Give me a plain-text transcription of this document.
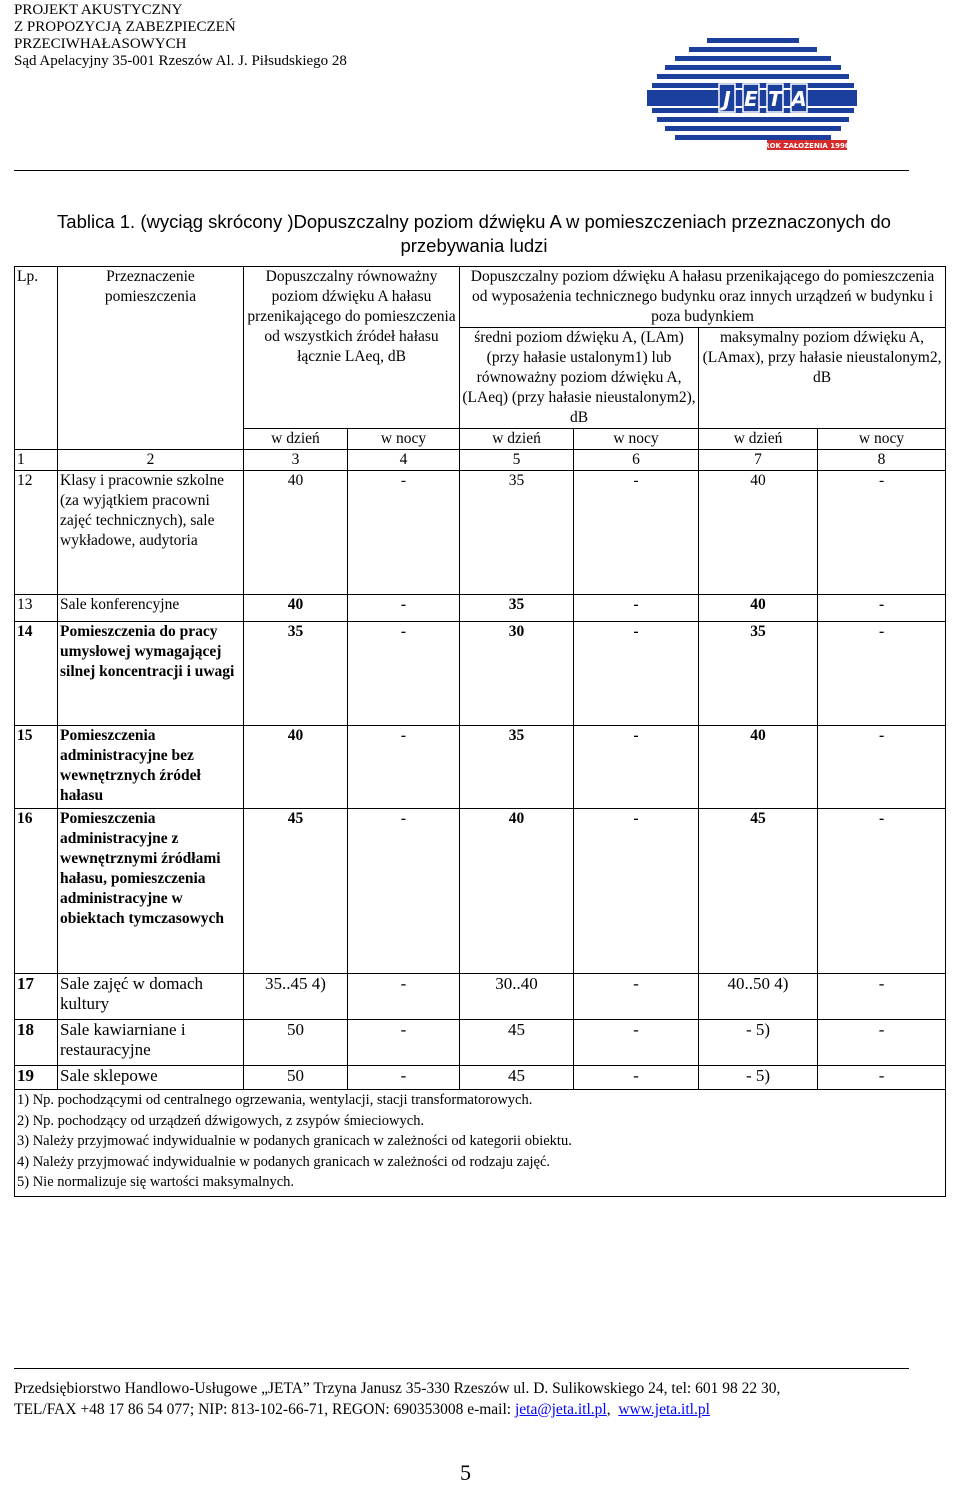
PROJEKT AKUSTYCZNY
Z PROPOZYCJĄ ZABEZPIECZEŃ
PRZECIWHAŁASOWYCH
Sąd Apelacyjny 35-001 Rzeszów Al. J. Piłsudskiego 28
J E T A
ROK ZAŁOŻENIA 1990
Tablica 1. (wyciąg skrócony )Dopuszczalny poziom dźwięku A w pomieszczeniach przeznaczonych do przebywania ludzi
Lp.	Przeznaczenie pomieszczenia	Dopuszczalny równoważny poziom dźwięku A hałasu przenikającego do pomieszczenia od wszystkich źródeł hałasu łącznie LAeq, dB		Dopuszczalny poziom dźwięku A hałasu przenikającego do pomieszczenia od wyposażenia technicznego budynku oraz innych urządzeń w budynku i poza budynkiem			
				średni poziom dźwięku A, (LAm) (przy hałasie ustalonym1) lub równoważny poziom dźwięku A, (LAeq) (przy hałasie nieustalonym2), dB		maksymalny poziom dźwięku A, (LAmax), przy hałasie nieustalonym2, dB	
		w dzień	w nocy	w dzień	w nocy	w dzień	w nocy
1	2	3	4	5	6	7	8
12	Klasy i pracownie szkolne (za wyjątkiem pracowni zajęć technicznych), sale wykładowe, audytoria	40	-	35	-	40	-
13	Sale konferencyjne	40	-	35	-	40	-
14	Pomieszczenia do pracy umysłowej wymagającej silnej koncentracji i uwagi	35	-	30	-	35	-
15	Pomieszczenia administracyjne bez wewnętrznych źródeł hałasu	40	-	35	-	40	-
16	Pomieszczenia administracyjne z wewnętrznymi źródłami hałasu, pomieszczenia administracyjne w obiektach tymczasowych	45	-	40	-	45	-
17	Sale zajęć w domach kultury	35..45 4)	-	30..40	-	40..50 4)	-
18	Sale kawiarniane i restauracyjne	50	-	45	-	- 5)	-
19	Sale sklepowe	50	-	45	-	- 5)	-

1) Np. pochodzącymi od centralnego ogrzewania, wentylacji, stacji transformatorowych.
2) Np. pochodzący od urządzeń dźwigowych, z zsypów śmieciowych.
3) Należy przyjmować indywidualnie w podanych granicach w zależności od kategorii obiektu.
4) Należy przyjmować indywidualnie w podanych granicach w zależności od rodzaju zajęć.
5) Nie normalizuje się wartości maksymalnych.							
Przedsiębiorstwo Handlowo-Usługowe „JETA” Trzyna Janusz 35-330 Rzeszów ul. D. Sulikowskiego 24, tel: 601 98 22 30,
TEL/FAX +48 17 86 54 077; NIP: 813-102-66-71, REGON: 690353008 e-mail: jeta@jeta.itl.pl,  www.jeta.itl.pl
5
